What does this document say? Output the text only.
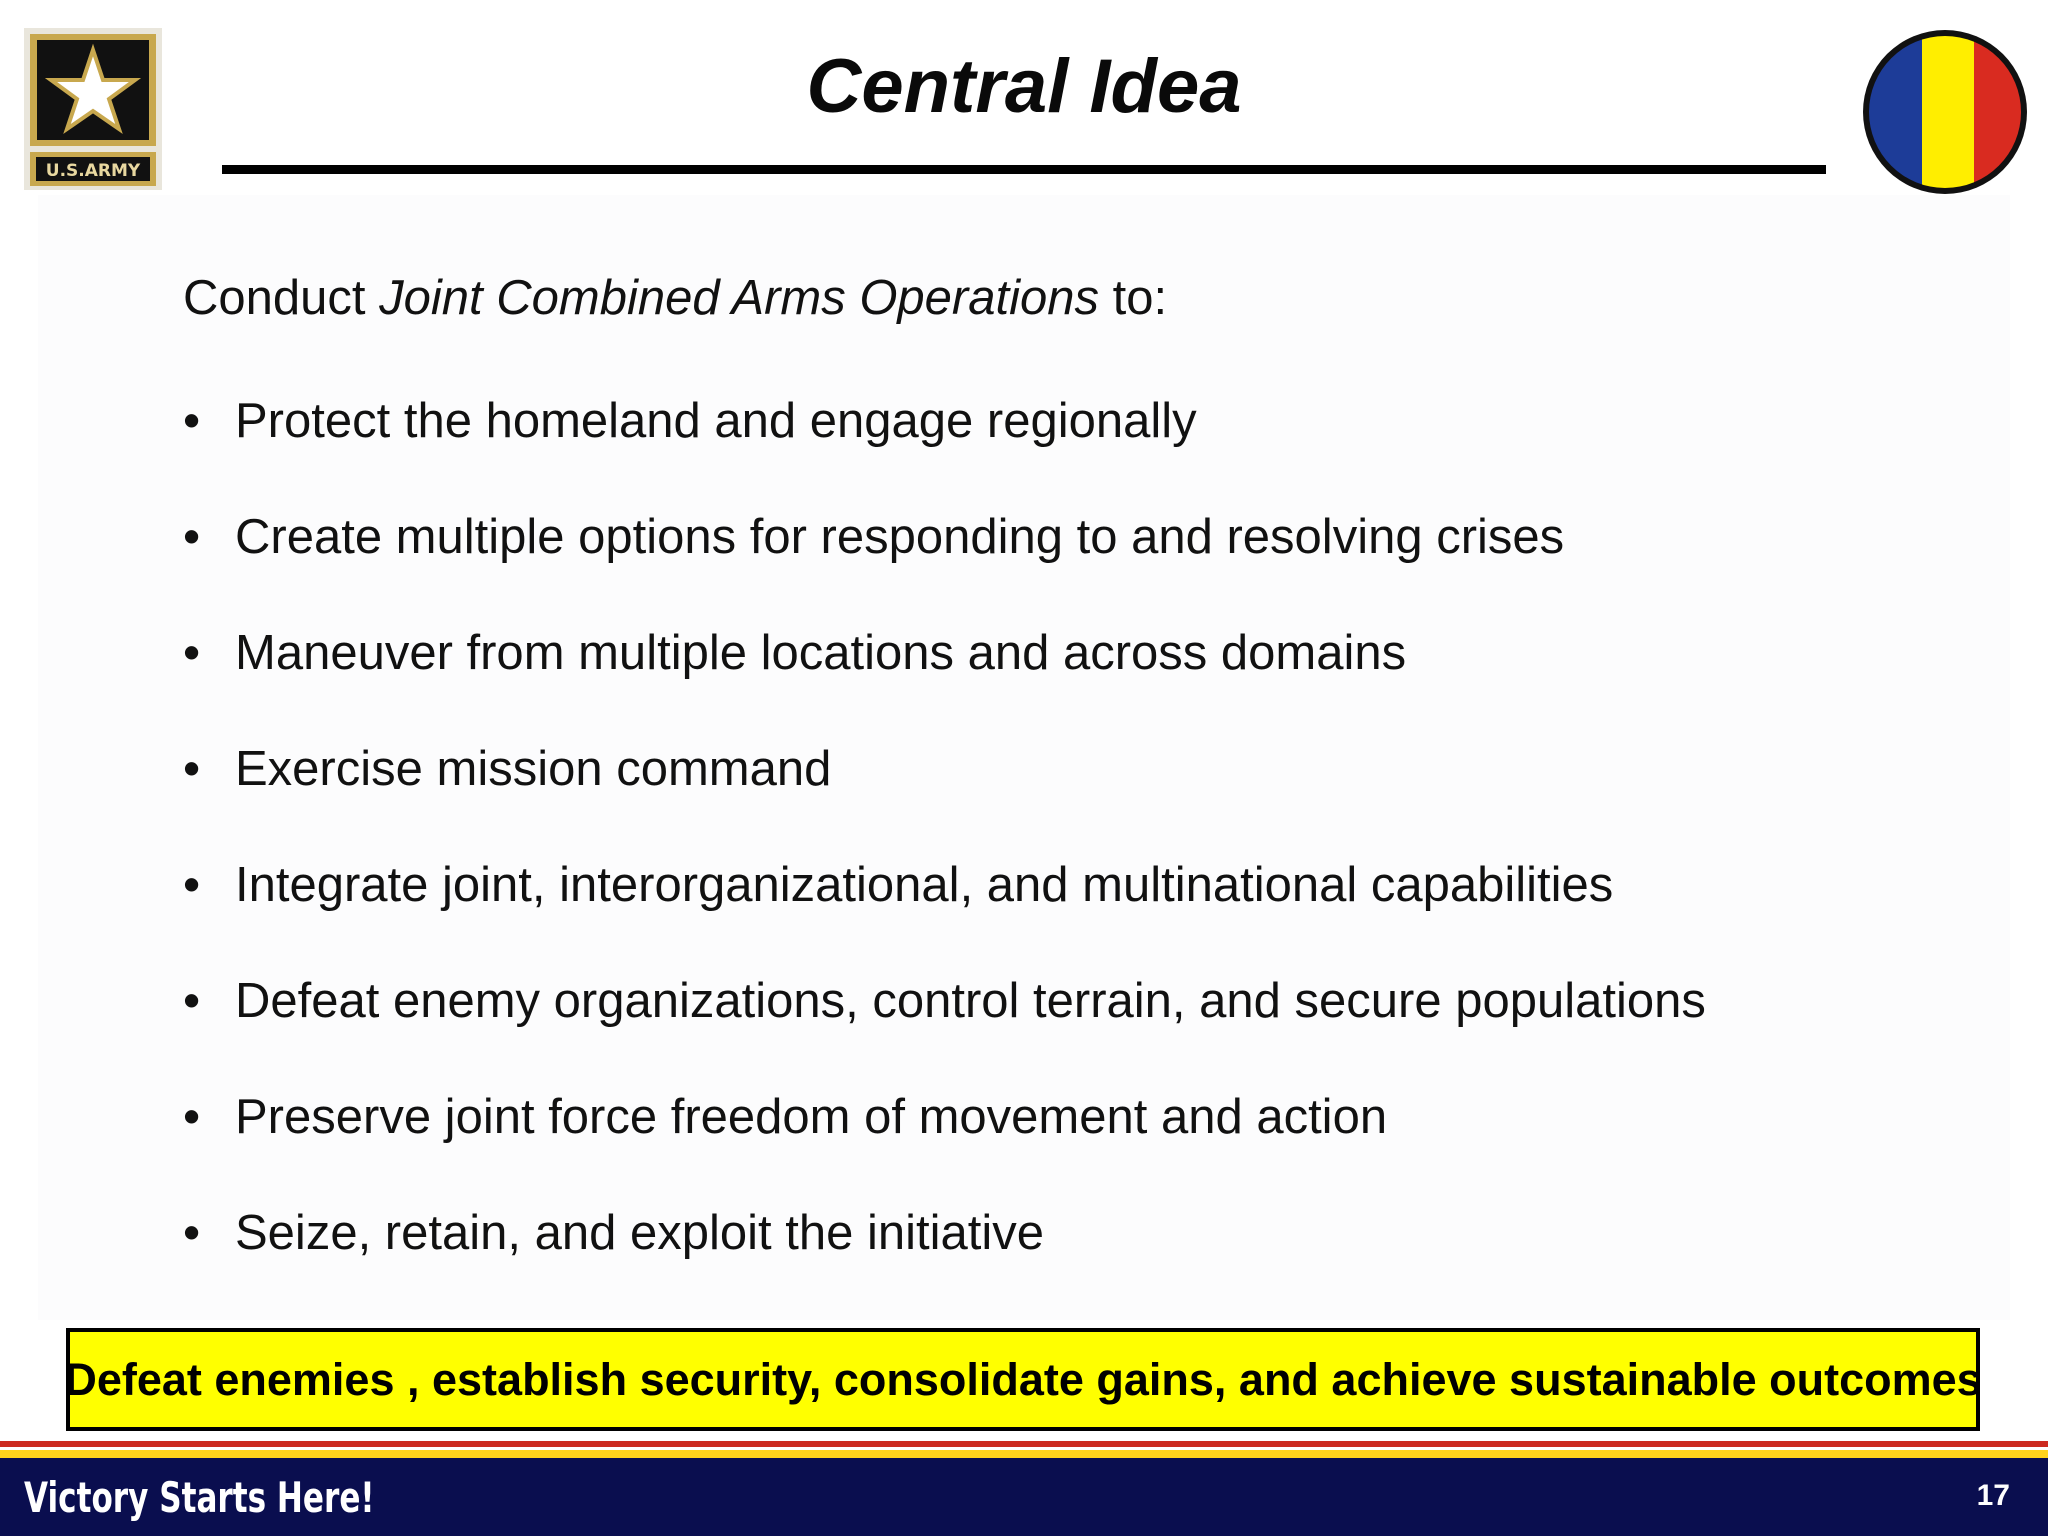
U.S.ARMY
Central Idea
Conduct Joint Combined Arms Operations to:
• Protect the homeland and engage regionally
• Create multiple options for responding to and resolving crises
• Maneuver from multiple locations and across domains
• Exercise mission command
• Integrate joint, interorganizational, and multinational capabilities
• Defeat enemy organizations, control terrain, and secure populations
• Preserve joint force freedom of movement and action
• Seize, retain, and exploit the initiative
Defeat enemies , establish security, consolidate gains, and achieve sustainable outcomes
Victory Starts Here!	17
